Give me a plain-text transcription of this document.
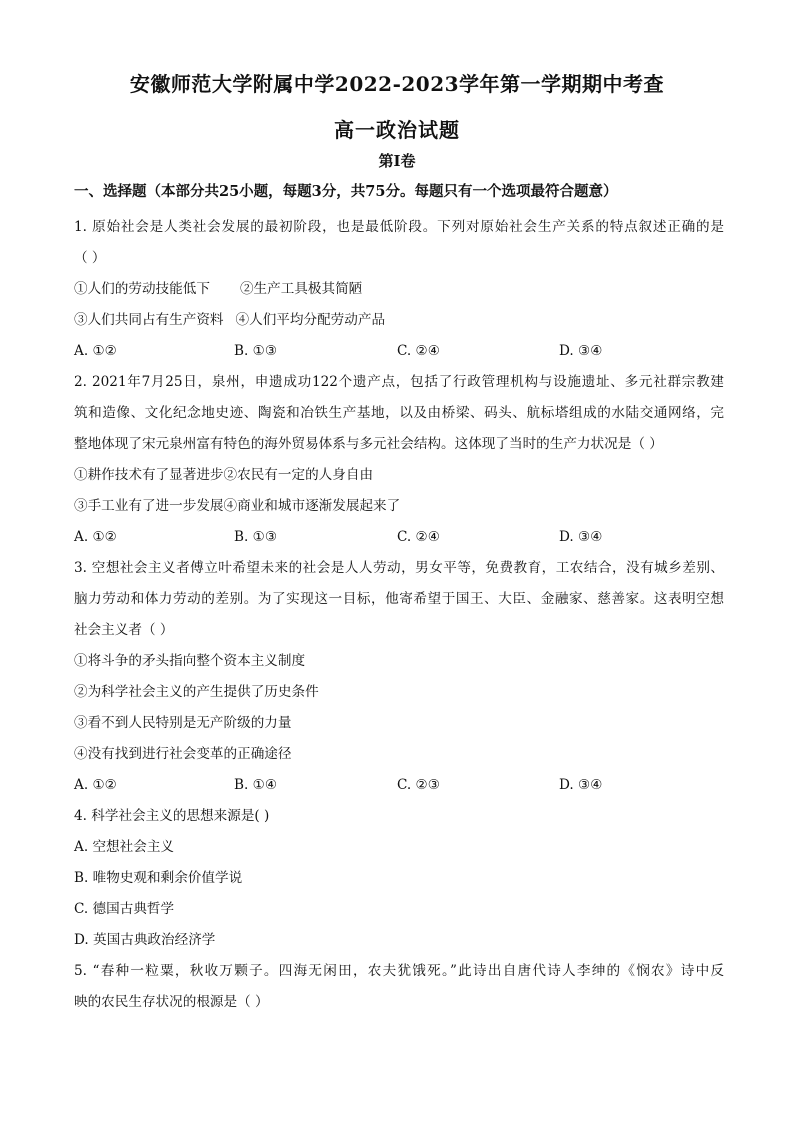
安徽师范大学附属中学2022-2023学年第一学期期中考查
高一政治试题
第Ⅰ卷
一、选择题（本部分共25小题，每题3分，共75分。每题只有一个选项最符合题意）
1. 原始社会是人类社会发展的最初阶段，也是最低阶段。下列对原始社会生产关系的特点叙述正确的是
（ ）
①人们的劳动技能低下 ②生产工具极其简陋
③人们共同占有生产资料 ④人们平均分配劳动产品
A. ①②	B. ①③	C. ②④	D. ③④
2. 2021年7月25日，泉州，申遗成功122个遗产点，包括了行政管理机构与设施遗址、多元社群宗教建
筑和造像、文化纪念地史迹、陶瓷和冶铁生产基地，以及由桥梁、码头、航标塔组成的水陆交通网络，完
整地体现了宋元泉州富有特色的海外贸易体系与多元社会结构。这体现了当时的生产力状况是（ ）
①耕作技术有了显著进步②农民有一定的人身自由
③手工业有了进一步发展④商业和城市逐渐发展起来了
A. ①②	B. ①③	C. ②④	D. ③④
3. 空想社会主义者傅立叶希望未来的社会是人人劳动，男女平等，免费教育，工农结合，没有城乡差别、
脑力劳动和体力劳动的差别。为了实现这一目标，他寄希望于国王、大臣、金融家、慈善家。这表明空想
社会主义者（ ）
①将斗争的矛头指向整个资本主义制度
②为科学社会主义的产生提供了历史条件
③看不到人民特别是无产阶级的力量
④没有找到进行社会变革的正确途径
A. ①②	B. ①④	C. ②③	D. ③④
4. 科学社会主义的思想来源是( )
A. 空想社会主义
B. 唯物史观和剩余价值学说
C. 德国古典哲学
D. 英国古典政治经济学
5. “春种一粒粟，秋收万颗子。四海无闲田，农夫犹饿死。”此诗出自唐代诗人李绅的《悯农》诗中反
映的农民生存状况的根源是（ ）
